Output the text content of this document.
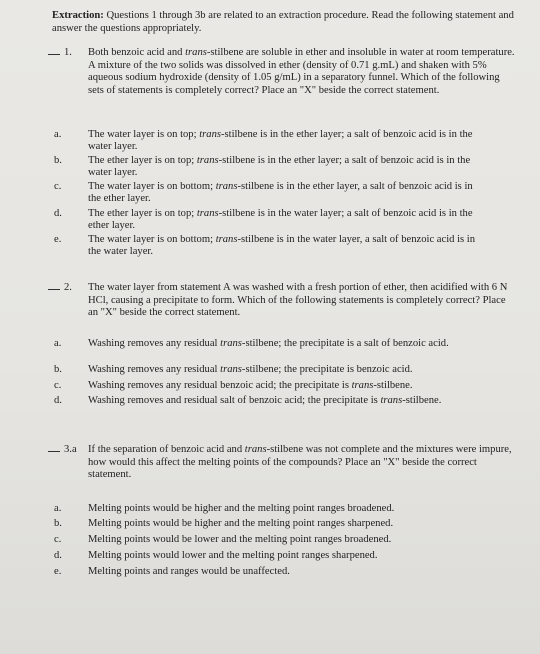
Extraction: Questions 1 through 3b are related to an extraction procedure. Read the following statement and answer the questions appropriately.
1. Both benzoic acid and trans-stilbene are soluble in ether and insoluble in water at room temperature. A mixture of the two solids was dissolved in ether (density of 0.71 g.mL) and shaken with 5% aqueous sodium hydroxide (density of 1.05 g/mL) in a separatory funnel. Which of the following sets of statements is completely correct? Place an "X" beside the correct statement.
a.	The water layer is on top; trans-stilbene is in the ether layer; a salt of benzoic acid is in the water layer.
b.	The ether layer is on top; trans-stilbene is in the ether layer; a salt of benzoic acid is in the water layer.
c.	The water layer is on bottom; trans-stilbene is in the ether layer, a salt of benzoic acid is in the ether layer.
d.	The ether layer is on top; trans-stilbene is in the water layer; a salt of benzoic acid is in the ether layer.
e.	The water layer is on bottom; trans-stilbene is in the water layer, a salt of benzoic acid is in the water layer.
2. The water layer from statement A was washed with a fresh portion of ether, then acidified with 6 N HCl, causing a precipitate to form. Which of the following statements is completely correct? Place an "X" beside the correct statement.
a.	Washing removes any residual trans-stilbene; the precipitate is a salt of benzoic acid.
b.	Washing removes any residual trans-stilbene; the precipitate is benzoic acid.
c.	Washing removes any residual benzoic acid; the precipitate is trans-stilbene.
d.	Washing removes and residual salt of benzoic acid; the precipitate is trans-stilbene.
3.a If the separation of benzoic acid and trans-stilbene was not complete and the mixtures were impure, how would this affect the melting points of the compounds? Place an "X" beside the correct statement.
a.	Melting points would be higher and the melting point ranges broadened.
b.	Melting points would be higher and the melting point ranges sharpened.
c.	Melting points would be lower and the melting point ranges broadened.
d.	Melting points would lower and the melting point ranges sharpened.
e.	Melting points and ranges would be unaffected.
